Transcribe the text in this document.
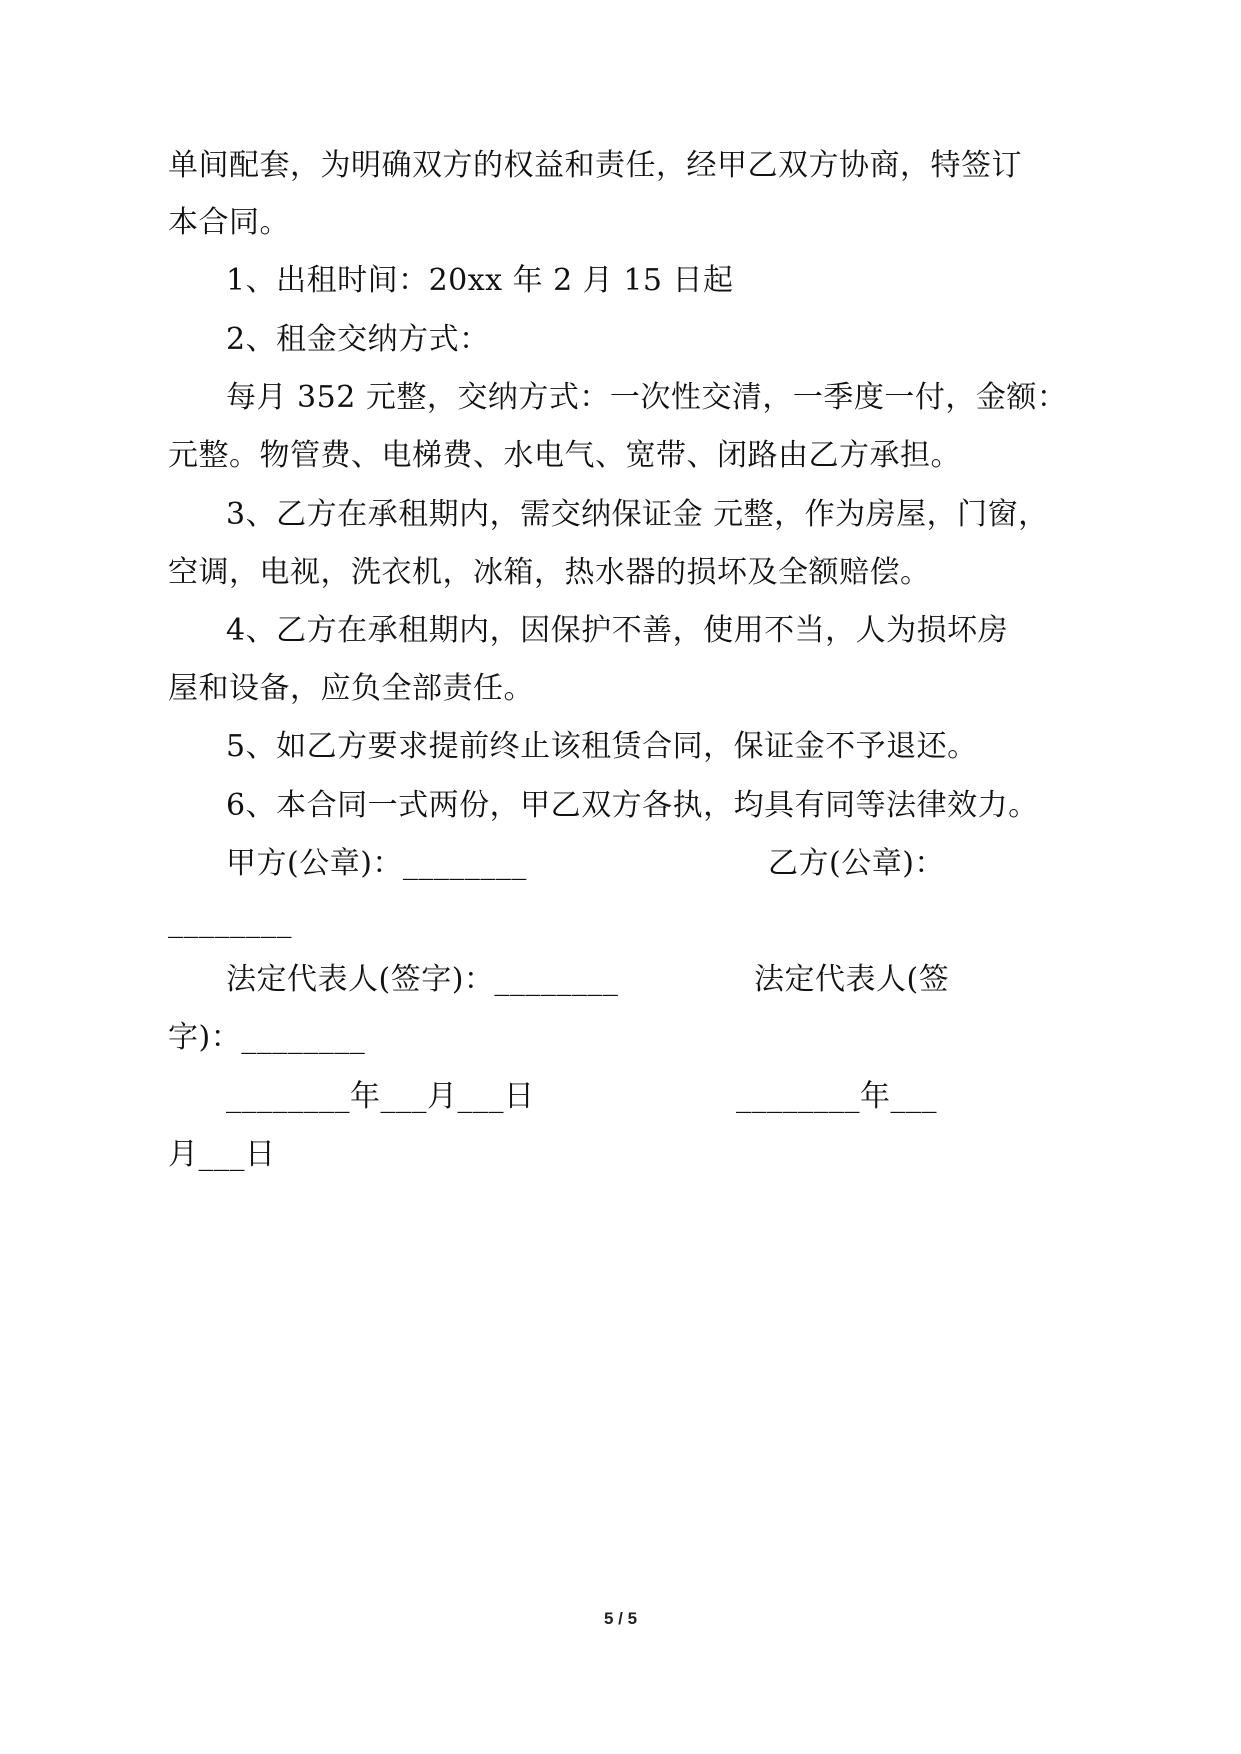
单间配套，为明确双方的权益和责任，经甲乙双方协商，特签订
本合同。
1、出租时间：20xx 年 2 月 15 日起
2、租金交纳方式：
每月 352 元整，交纳方式：一次性交清，一季度一付，金额：
元整。物管费、电梯费、水电气、宽带、闭路由乙方承担。
3、乙方在承租期内，需交纳保证金 元整，作为房屋，门窗，
空调，电视，洗衣机，冰箱，热水器的损坏及全额赔偿。
4、乙方在承租期内，因保护不善，使用不当，人为损坏房
屋和设备，应负全部责任。
5、如乙方要求提前终止该租赁合同，保证金不予退还。
6、本合同一式两份，甲乙双方各执，均具有同等法律效力。
甲方(公章)：________	乙方(公章)：
________
法定代表人(签字)：________	法定代表人(签
字)：________
________年___月___日	________年___
月___日
5 / 5
